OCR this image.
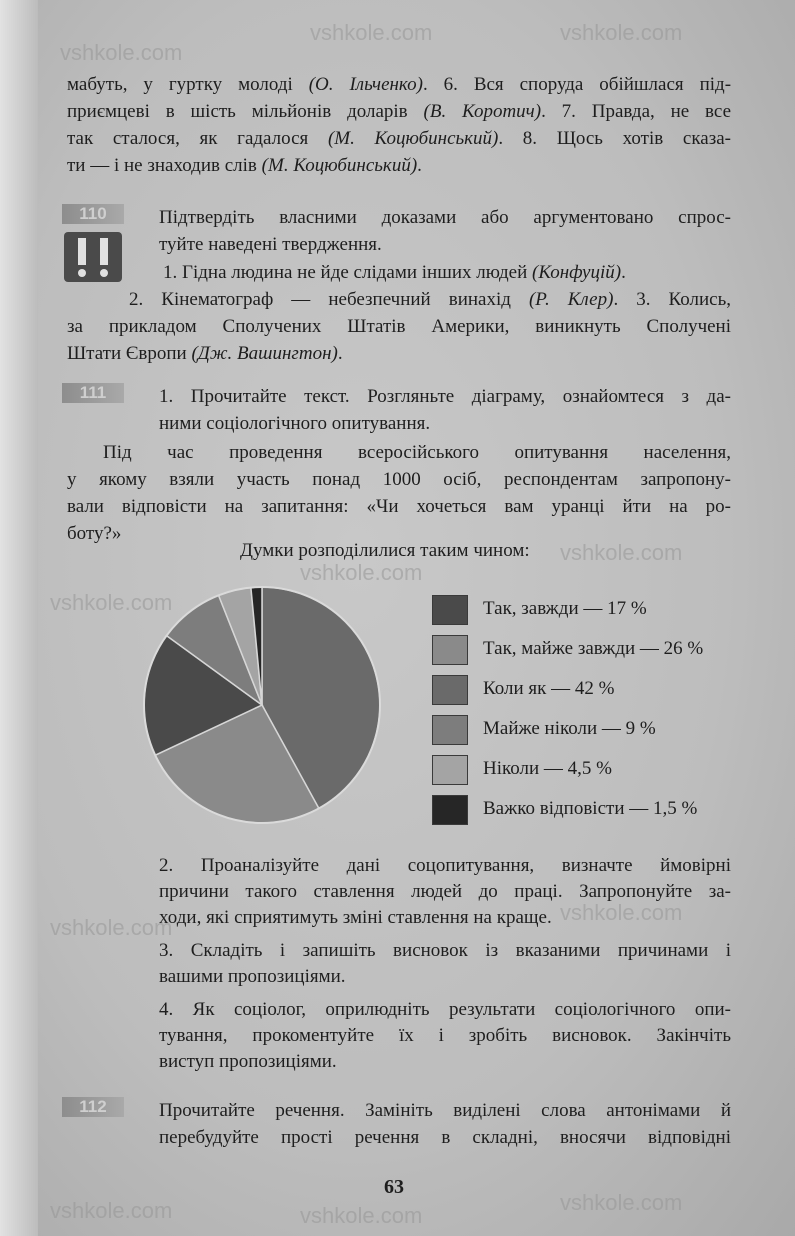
vshkole.com
vshkole.com	vshkole.com
vshkole.com
vshkole.com
vshkole.com
vshkole.com
vshkole.com
vshkole.com	vshkole.com
vshkole.com
мабуть, у гуртку молоді (О. Ільченко). 6. Вся споруда обійшлася під-
приємцеві в шість мільйонів доларів (В. Коротич). 7. Правда, не все
так сталося, як гадалося (М. Коцюбинський). 8. Щось хотів сказа-
ти — і не знаходив слів (М. Коцюбинський).
110	Підтвердіть власними доказами або аргументовано спрос-
туйте наведені твердження.
1. Гідна людина не йде слідами інших людей (Конфуцій).
2. Кінематограф — небезпечний винахід (Р. Клер). 3. Колись,
за прикладом Сполучених Штатів Америки, виникнуть Сполучені
Штати Європи (Дж. Вашингтон).
111	1. Прочитайте текст. Розгляньте діаграму, ознайомтеся з да-
ними соціологічного опитування.
Під час проведення всеросійського опитування населення,
у якому взяли участь понад 1000 осіб, респондентам запропону-
вали відповісти на запитання: «Чи хочеться вам уранці йти на ро-
боту?»
Думки розподілилися таким чином:
Так, завжди — 17 %
Так, майже завжди — 26 %
Коли як — 42 %
Майже ніколи — 9 %
Ніколи — 4,5 %
Важко відповісти — 1,5 %
2. Проаналізуйте дані соцопитування, визначте ймовірні
причини такого ставлення людей до праці. Запропонуйте за-
ходи, які сприятимуть зміні ставлення на краще.
3. Складіть і запишіть висновок із вказаними причинами і
вашими пропозиціями.
4. Як соціолог, оприлюдніть результати соціологічного опи-
тування, прокоментуйте їх і зробіть висновок. Закінчіть
виступ пропозиціями.
112	Прочитайте речення. Замініть виділені слова антонімами й
перебудуйте прості речення в складні, вносячи відповідні
63
